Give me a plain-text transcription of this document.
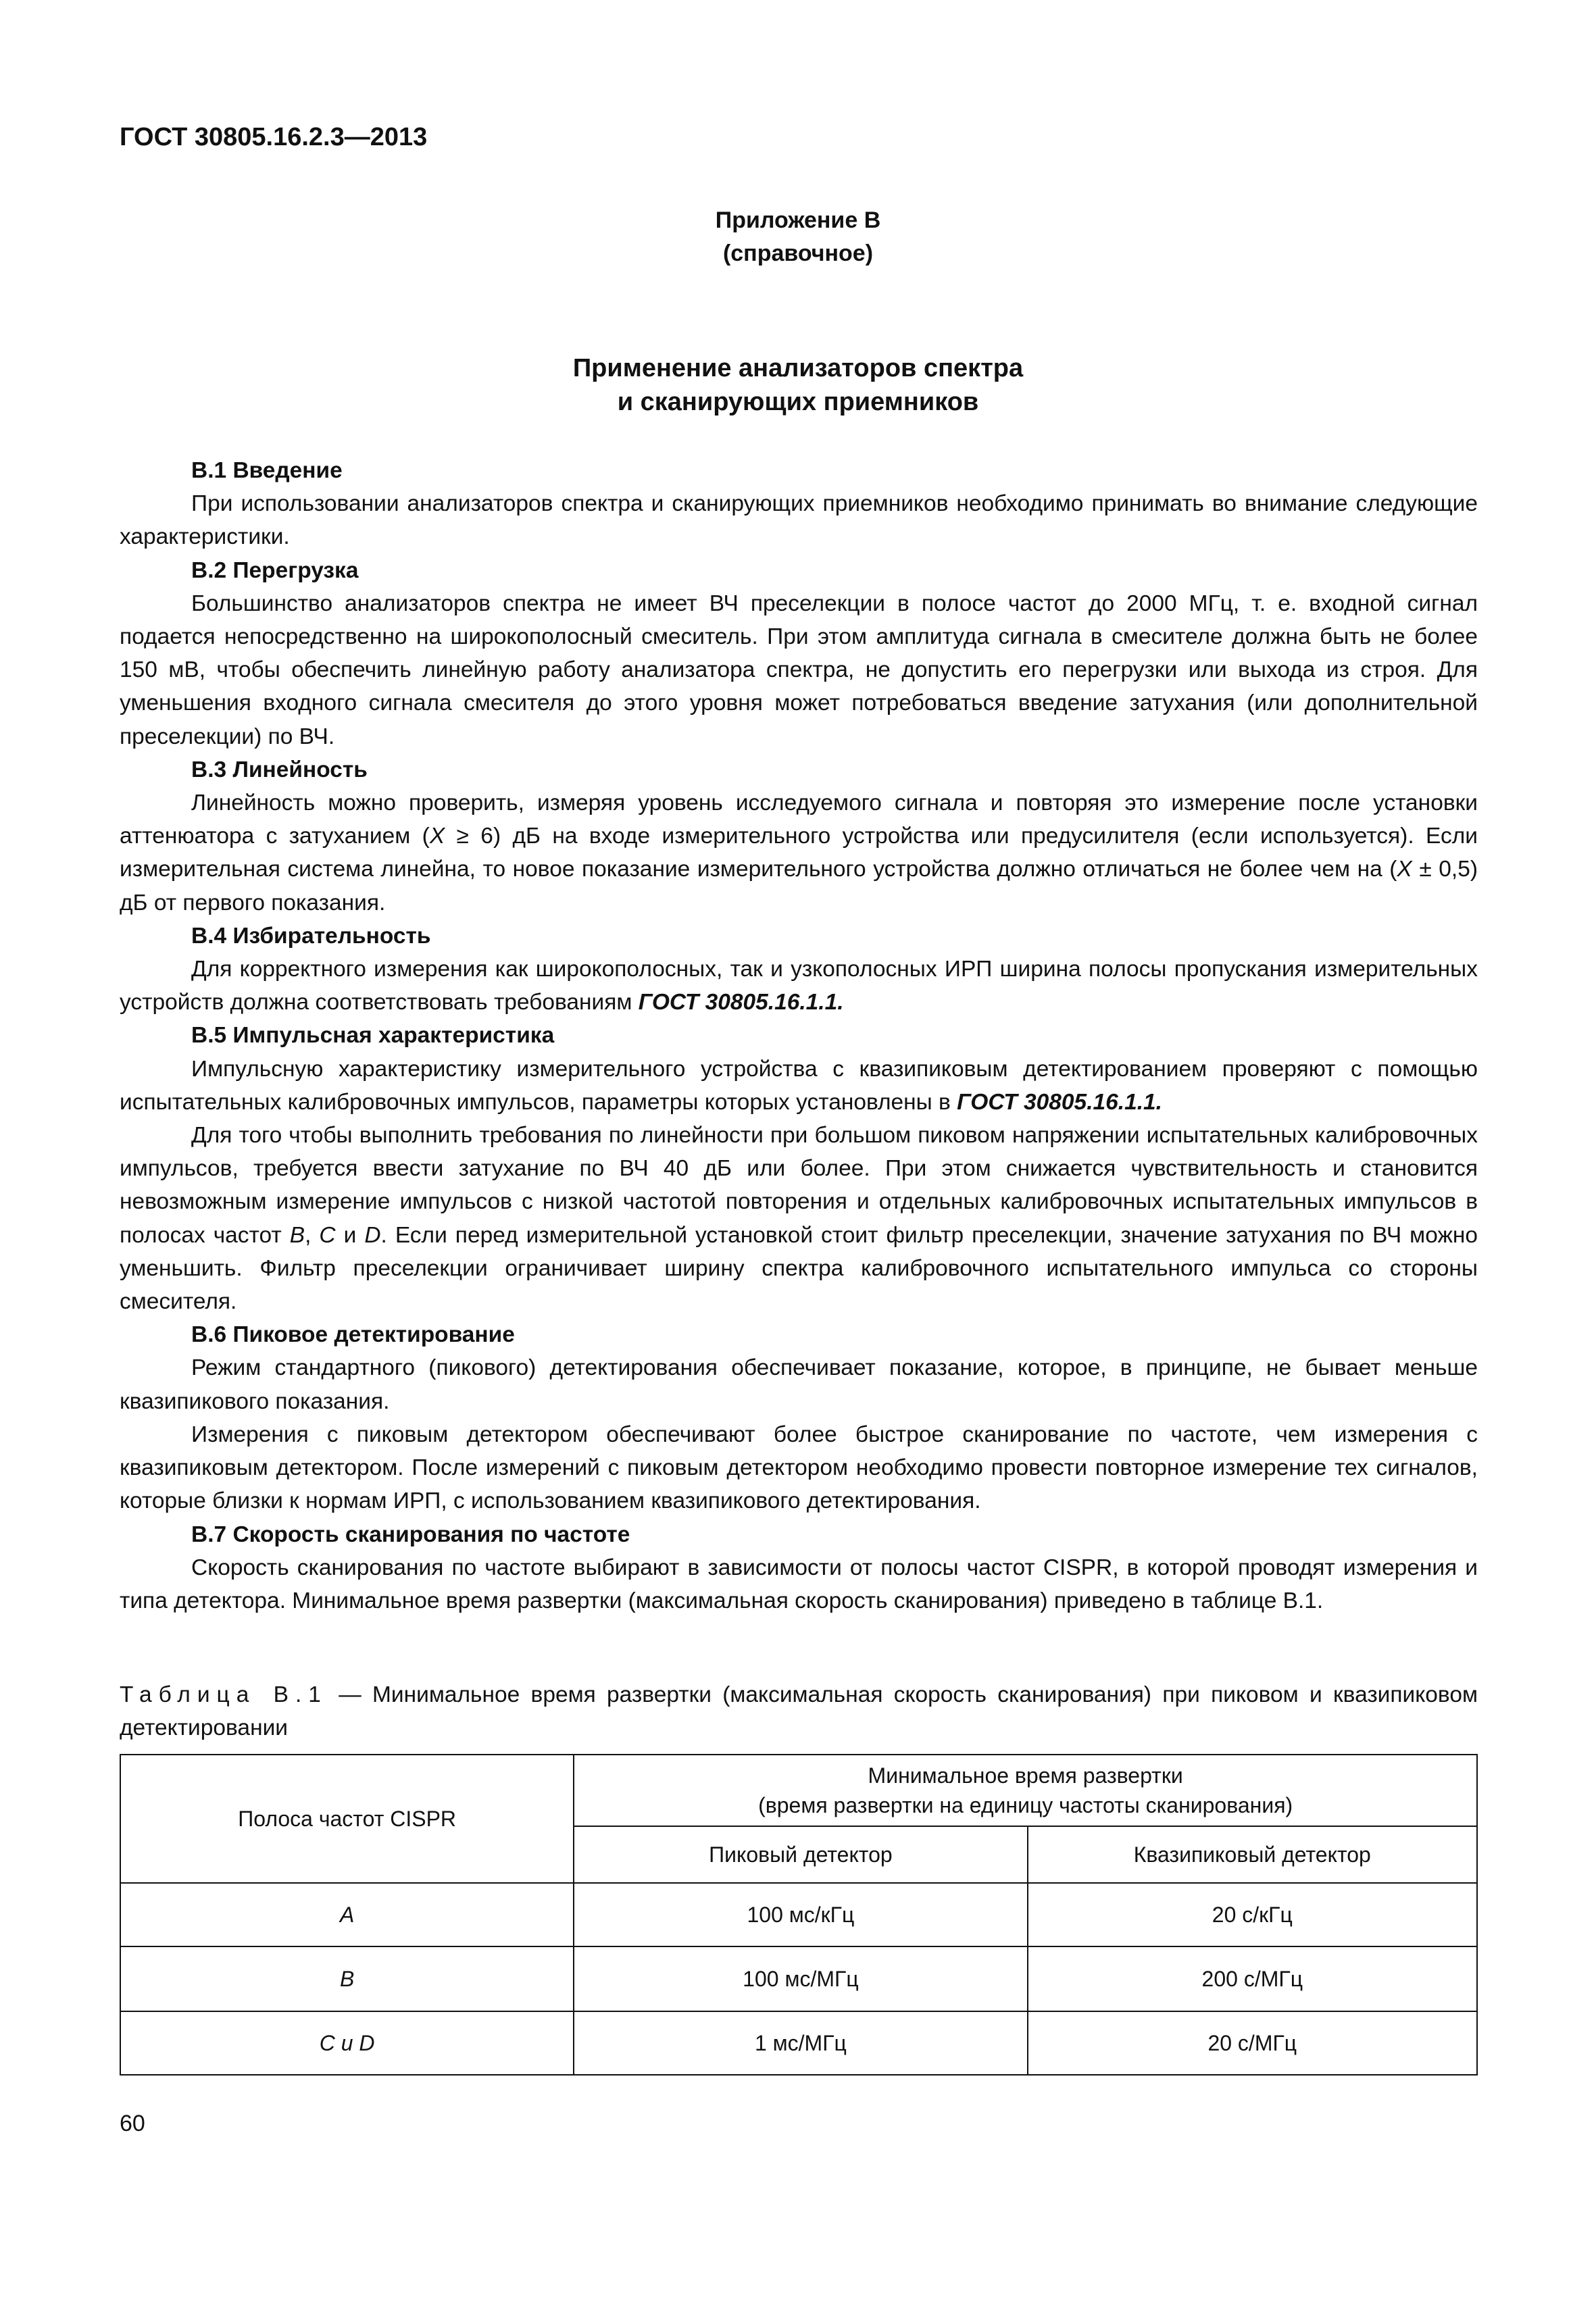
ГОСТ 30805.16.2.3—2013

Приложение В
(справочное)
Применение анализаторов спектра
и сканирующих приемников
В.1 Введение

При использовании анализаторов спектра и сканирующих приемников необходимо принимать во внимание следующие характеристики.

В.2 Перегрузка

Большинство анализаторов спектра не имеет ВЧ преселекции в полосе частот до 2000 МГц, т. е. входной сигнал подается непосредственно на широкополосный смеситель. При этом амплитуда сигнала в смесителе должна быть не более 150 мВ, чтобы обеспечить линейную работу анализатора спектра, не допустить его перегрузки или выхода из строя. Для уменьшения входного сигнала смесителя до этого уровня может потребоваться введение затухания (или дополнительной преселекции) по ВЧ.

В.3 Линейность

Линейность можно проверить, измеряя уровень исследуемого сигнала и повторяя это измерение после установки аттенюатора с затуханием (X ≥ 6) дБ на входе измерительного устройства или предусилителя (если используется). Если измерительная система линейна, то новое показание измерительного устройства должно отличаться не более чем на (X ± 0,5) дБ от первого показания.

В.4 Избирательность

Для корректного измерения как широкополосных, так и узкополосных ИРП ширина полосы пропускания измерительных устройств должна соответствовать требованиям ГОСТ 30805.16.1.1.

В.5 Импульсная характеристика

Импульсную характеристику измерительного устройства с квазипиковым детектированием проверяют с помощью испытательных калибровочных импульсов, параметры которых установлены в ГОСТ 30805.16.1.1.

Для того чтобы выполнить требования по линейности при большом пиковом напряжении испытательных калибровочных импульсов, требуется ввести затухание по ВЧ 40 дБ или более. При этом снижается чувствительность и становится невозможным измерение импульсов с низкой частотой повторения и отдельных калибровочных испытательных импульсов в полосах частот B, C и D. Если перед измерительной установкой стоит фильтр преселекции, значение затухания по ВЧ можно уменьшить. Фильтр преселекции ограничивает ширину спектра калибровочного испытательного импульса со стороны смесителя.

В.6 Пиковое детектирование

Режим стандартного (пикового) детектирования обеспечивает показание, которое, в принципе, не бывает меньше квазипикового показания.

Измерения с пиковым детектором обеспечивают более быстрое сканирование по частоте, чем измерения с квазипиковым детектором. После измерений с пиковым детектором необходимо провести повторное измерение тех сигналов, которые близки к нормам ИРП, с использованием квазипикового детектирования.

В.7 Скорость сканирования по частоте

Скорость сканирования по частоте выбирают в зависимости от полосы частот CISPR, в которой проводят измерения и типа детектора. Минимальное время развертки (максимальная скорость сканирования) приведено в таблице В.1.

Таблица В.1 — Минимальное время развертки (максимальная скорость сканирования) при пиковом и квазипиковом детектировании

Полоса частот CISPR	Минимальное время развертки
(время развертки на единицу частоты сканирования)	

	Пиковый детектор	Квазипиковый детектор
A	100 мс/кГц	20 с/кГц
B	100 мс/МГц	200 с/МГц
C и D	1 мс/МГц	20 с/МГц

60
